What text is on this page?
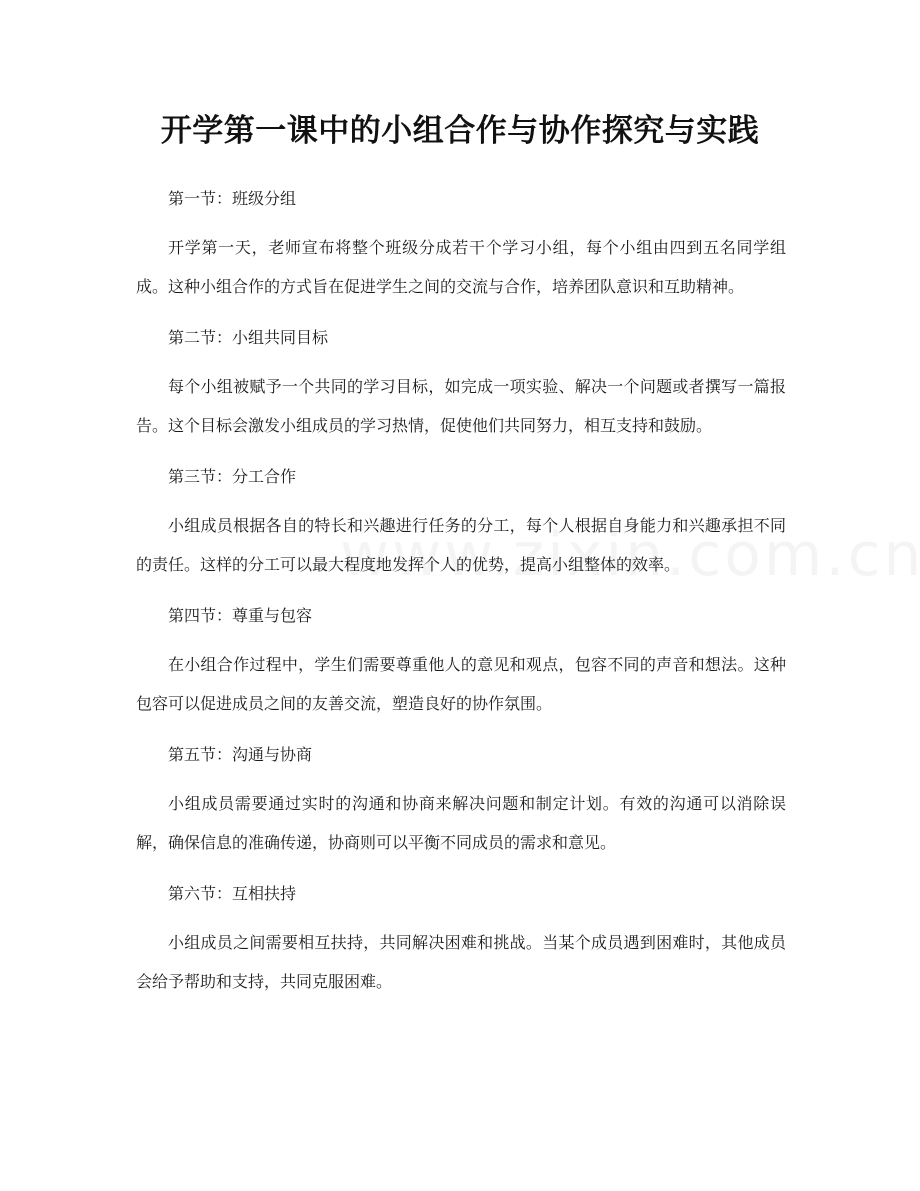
开学第一课中的小组合作与协作探究与实践

第一节：班级分组

开学第一天，老师宣布将整个班级分成若干个学习小组，每个小组由四到五名同学组成。这种小组合作的方式旨在促进学生之间的交流与合作，培养团队意识和互助精神。

第二节：小组共同目标

每个小组被赋予一个共同的学习目标，如完成一项实验、解决一个问题或者撰写一篇报告。这个目标会激发小组成员的学习热情，促使他们共同努力，相互支持和鼓励。

第三节：分工合作

小组成员根据各自的特长和兴趣进行任务的分工，每个人根据自身能力和兴趣承担不同的责任。这样的分工可以最大程度地发挥个人的优势，提高小组整体的效率。

第四节：尊重与包容

在小组合作过程中，学生们需要尊重他人的意见和观点，包容不同的声音和想法。这种包容可以促进成员之间的友善交流，塑造良好的协作氛围。

第五节：沟通与协商

小组成员需要通过实时的沟通和协商来解决问题和制定计划。有效的沟通可以消除误解，确保信息的准确传递，协商则可以平衡不同成员的需求和意见。

第六节：互相扶持

小组成员之间需要相互扶持，共同解决困难和挑战。当某个成员遇到困难时，其他成员会给予帮助和支持，共同克服困难。
